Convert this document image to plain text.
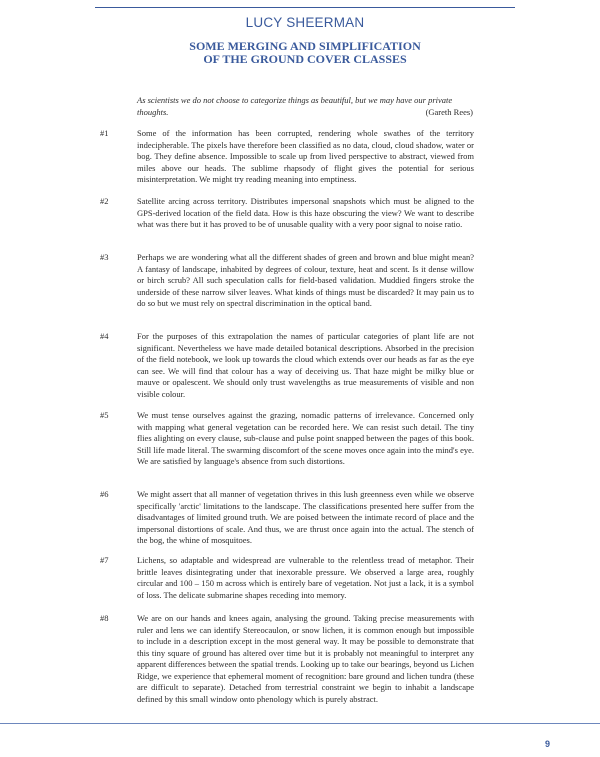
LUCY SHEERMAN
SOME MERGING AND SIMPLIFICATION
OF THE GROUND COVER CLASSES

As scientists we do not choose to categorize things as beautiful, but we may have our private thoughts.	(Gareth Rees)

#1	Some of the information has been corrupted, rendering whole swathes of the territory indecipherable. The pixels have therefore been classified as no data, cloud, cloud shadow, water or bog. They define absence. Impossible to scale up from lived perspective to abstract, viewed from miles above our heads. The sublime rhapsody of flight gives the potential for serious misinterpretation. We might try reading meaning into emptiness.

#2	Satellite arcing across territory. Distributes impersonal snapshots which must be aligned to the GPS-derived location of the field data. How is this haze obscuring the view? We want to describe what was there but it has proved to be of unusable quality with a very poor signal to noise ratio.

#3	Perhaps we are wondering what all the different shades of green and brown and blue might mean? A fantasy of landscape, inhabited by degrees of colour, texture, heat and scent. Is it dense willow or birch scrub? All such speculation calls for field-based validation. Muddied fingers stroke the underside of these narrow silver leaves. What kinds of things must be discarded? It may pain us to do so but we must rely on spectral discrimination in the optical band.

#4	For the purposes of this extrapolation the names of particular categories of plant life are not significant. Nevertheless we have made detailed botanical descriptions. Absorbed in the precision of the field notebook, we look up towards the cloud which extends over our heads as far as the eye can see. We will find that colour has a way of deceiving us. That haze might be milky blue or mauve or opalescent. We should only trust wavelengths as true measurements of visible and non visible colour.

#5	We must tense ourselves against the grazing, nomadic patterns of irrelevance. Concerned only with mapping what general vegetation can be recorded here. We can resist such detail. The tiny flies alighting on every clause, sub-clause and pulse point snapped between the pages of this book. Still life made literal. The swarming discomfort of the scene moves once again into the mind's eye. We are satisfied by language's absence from such distortions.

#6	We might assert that all manner of vegetation thrives in this lush greenness even while we observe specifically 'arctic' limitations to the landscape. The classifications presented here suffer from the disadvantages of limited ground truth. We are poised between the intimate record of place and the impersonal distortions of scale. And thus, we are thrust once again into the actual. The stench of the bog, the whine of mosquitoes.

#7	Lichens, so adaptable and widespread are vulnerable to the relentless tread of metaphor. Their brittle leaves disintegrating under that inexorable pressure. We observed a large area, roughly circular and 100 – 150 m across which is entirely bare of vegetation. Not just a lack, it is a symbol of loss. The delicate submarine shapes receding into memory.

#8	We are on our hands and knees again, analysing the ground. Taking precise measurements with ruler and lens we can identify Stereocaulon, or snow lichen, it is common enough but impossible to include in a description except in the most general way. It may be possible to demonstrate that this tiny square of ground has altered over time but it is probably not meaningful to interpret any apparent differences between the spatial trends. Looking up to take our bearings, beyond us Lichen Ridge, we experience that ephemeral moment of recognition: bare ground and lichen tundra (these are difficult to separate). Detached from terrestrial constraint we begin to inhabit a landscape defined by this small window onto phenology which is purely abstract.

9
